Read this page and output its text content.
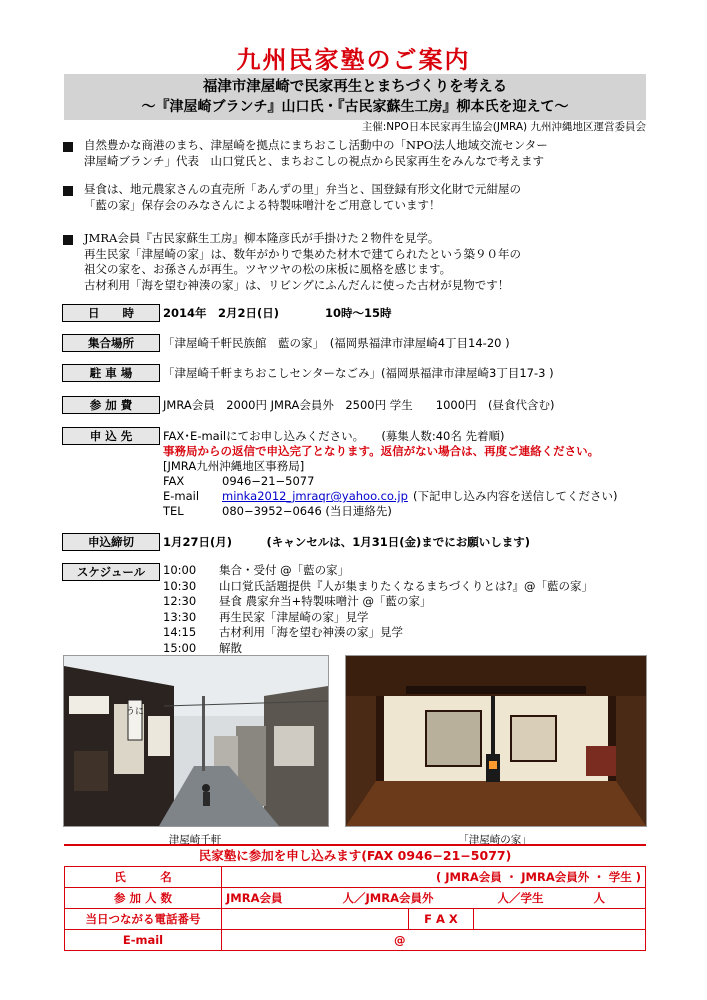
九州民家塾のご案内
福津市津屋崎で民家再生とまちづくりを考える
〜『津屋崎ブランチ』山口氏・『古民家蘇生工房』柳本氏を迎えて〜
主催:NPO日本民家再生協会(JMRA) 九州沖縄地区運営委員会
自然豊かな商港のまち、津屋崎を拠点にまちおこし活動中の「NPO法人地域交流センター
津屋崎ブランチ」代表　山口覚氏と、まちおこしの視点から民家再生をみんなで考えます
昼食は、地元農家さんの直売所「あんずの里」弁当と、国登録有形文化財で元紺屋の
「藍の家」保存会のみなさんによる特製味噌汁をご用意しています！
JMRA会員『古民家蘇生工房』柳本隆彦氏が手掛けた２物件を見学。
再生民家「津屋崎の家」は、数年がかりで集めた材木で建てられたという築９０年の
祖父の家を、お孫さんが再生。ツヤツヤの松の床板に風格を感じます。
古材利用「海を望む神湊の家」は、リビングにふんだんに使った古材が見物です！
日　　時	2014年　2月2日(日)　　　　10時〜15時
集合場所	「津屋崎千軒民族館　藍の家」　(福岡県福津市津屋崎4丁目14-20 )
駐 車 場	「津屋崎千軒まちおこしセンターなごみ」(福岡県福津市津屋崎3丁目17-3 )
参 加 費	JMRA会員　2000円 JMRA会員外　2500円 学生　　1000円　(昼食代含む)
申 込 先	FAX･E-mailにてお申し込みください。　　(募集人数:40名 先着順)
事務局からの返信で申込完了となります。返信がない場合は、再度ご連絡ください。
[JMRA九州沖縄地区事務局]
FAX	0946−21−5077
E-mail minka2012_jmraqr@yahoo.co.jp (下記申し込み内容を送信してください)
TEL	080−3952−0646 (当日連絡先)
申込締切	1月27日(月)　　　(キャンセルは、1月31日(金)までにお願いします)
スケジュール	10:00 集合・受付 @「藍の家」
10:30 山口覚氏話題提供『人が集まりたくなるまちづくりとは?』@「藍の家」
12:30 昼食 農家弁当+特製味噌汁 @「藍の家」
13:30 再生民家「津屋崎の家」見学
14:15 古材利用「海を望む神湊の家」見学
15:00 解散
うに
津屋崎千軒	「津屋崎の家」
民家塾に参加を申し込みます(FAX 0946−21−5077)
氏　　　名	( JMRA会員 ・ JMRA会員外 ・ 学生 )		
参 加 人 数	JMRA会員 人／JMRA会員外 人／学生 人		
当日つながる電話番号		F A X	
E-mail	@		
